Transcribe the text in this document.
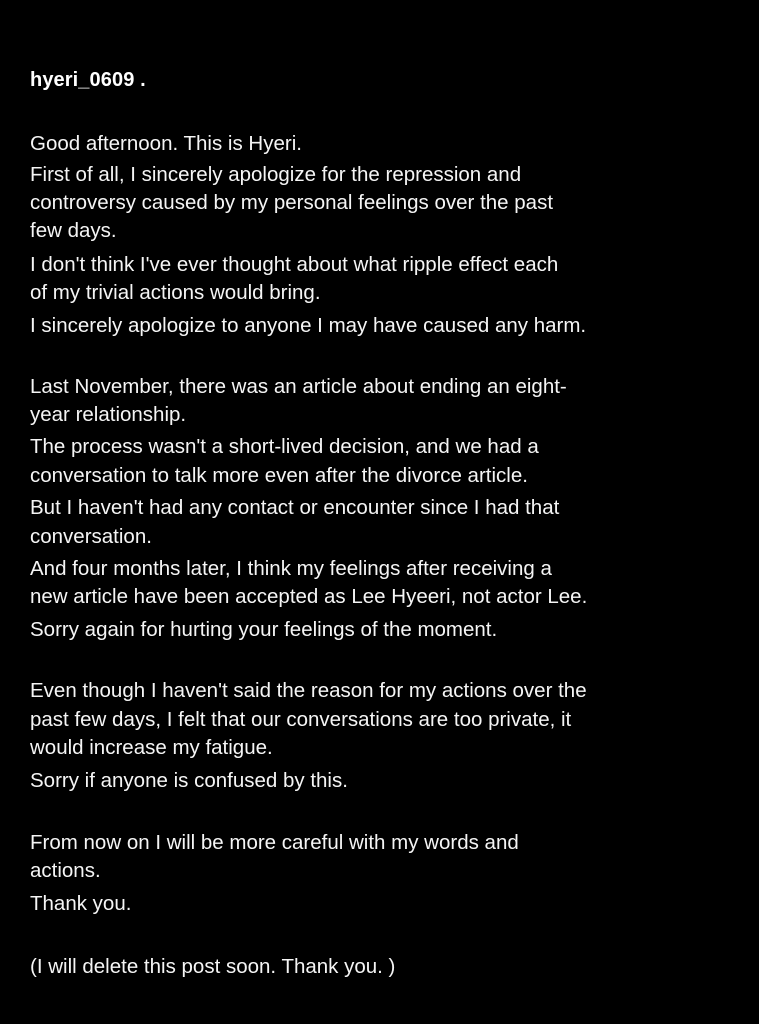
hyeri_0609 .
Good afternoon. This is Hyeri.
First of all, I sincerely apologize for the repression and
controversy caused by my personal feelings over the past
few days.
I don't think I've ever thought about what ripple effect each
of my trivial actions would bring.
I sincerely apologize to anyone I may have caused any harm.
Last November, there was an article about ending an eight-
year relationship.
The process wasn't a short-lived decision, and we had a
conversation to talk more even after the divorce article.
But I haven't had any contact or encounter since I had that
conversation.
And four months later, I think my feelings after receiving a
new article have been accepted as Lee Hyeeri, not actor Lee.
Sorry again for hurting your feelings of the moment.
Even though I haven't said the reason for my actions over the
past few days, I felt that our conversations are too private, it
would increase my fatigue.
Sorry if anyone is confused by this.
From now on I will be more careful with my words and
actions.
Thank you.
(I will delete this post soon. Thank you. )
